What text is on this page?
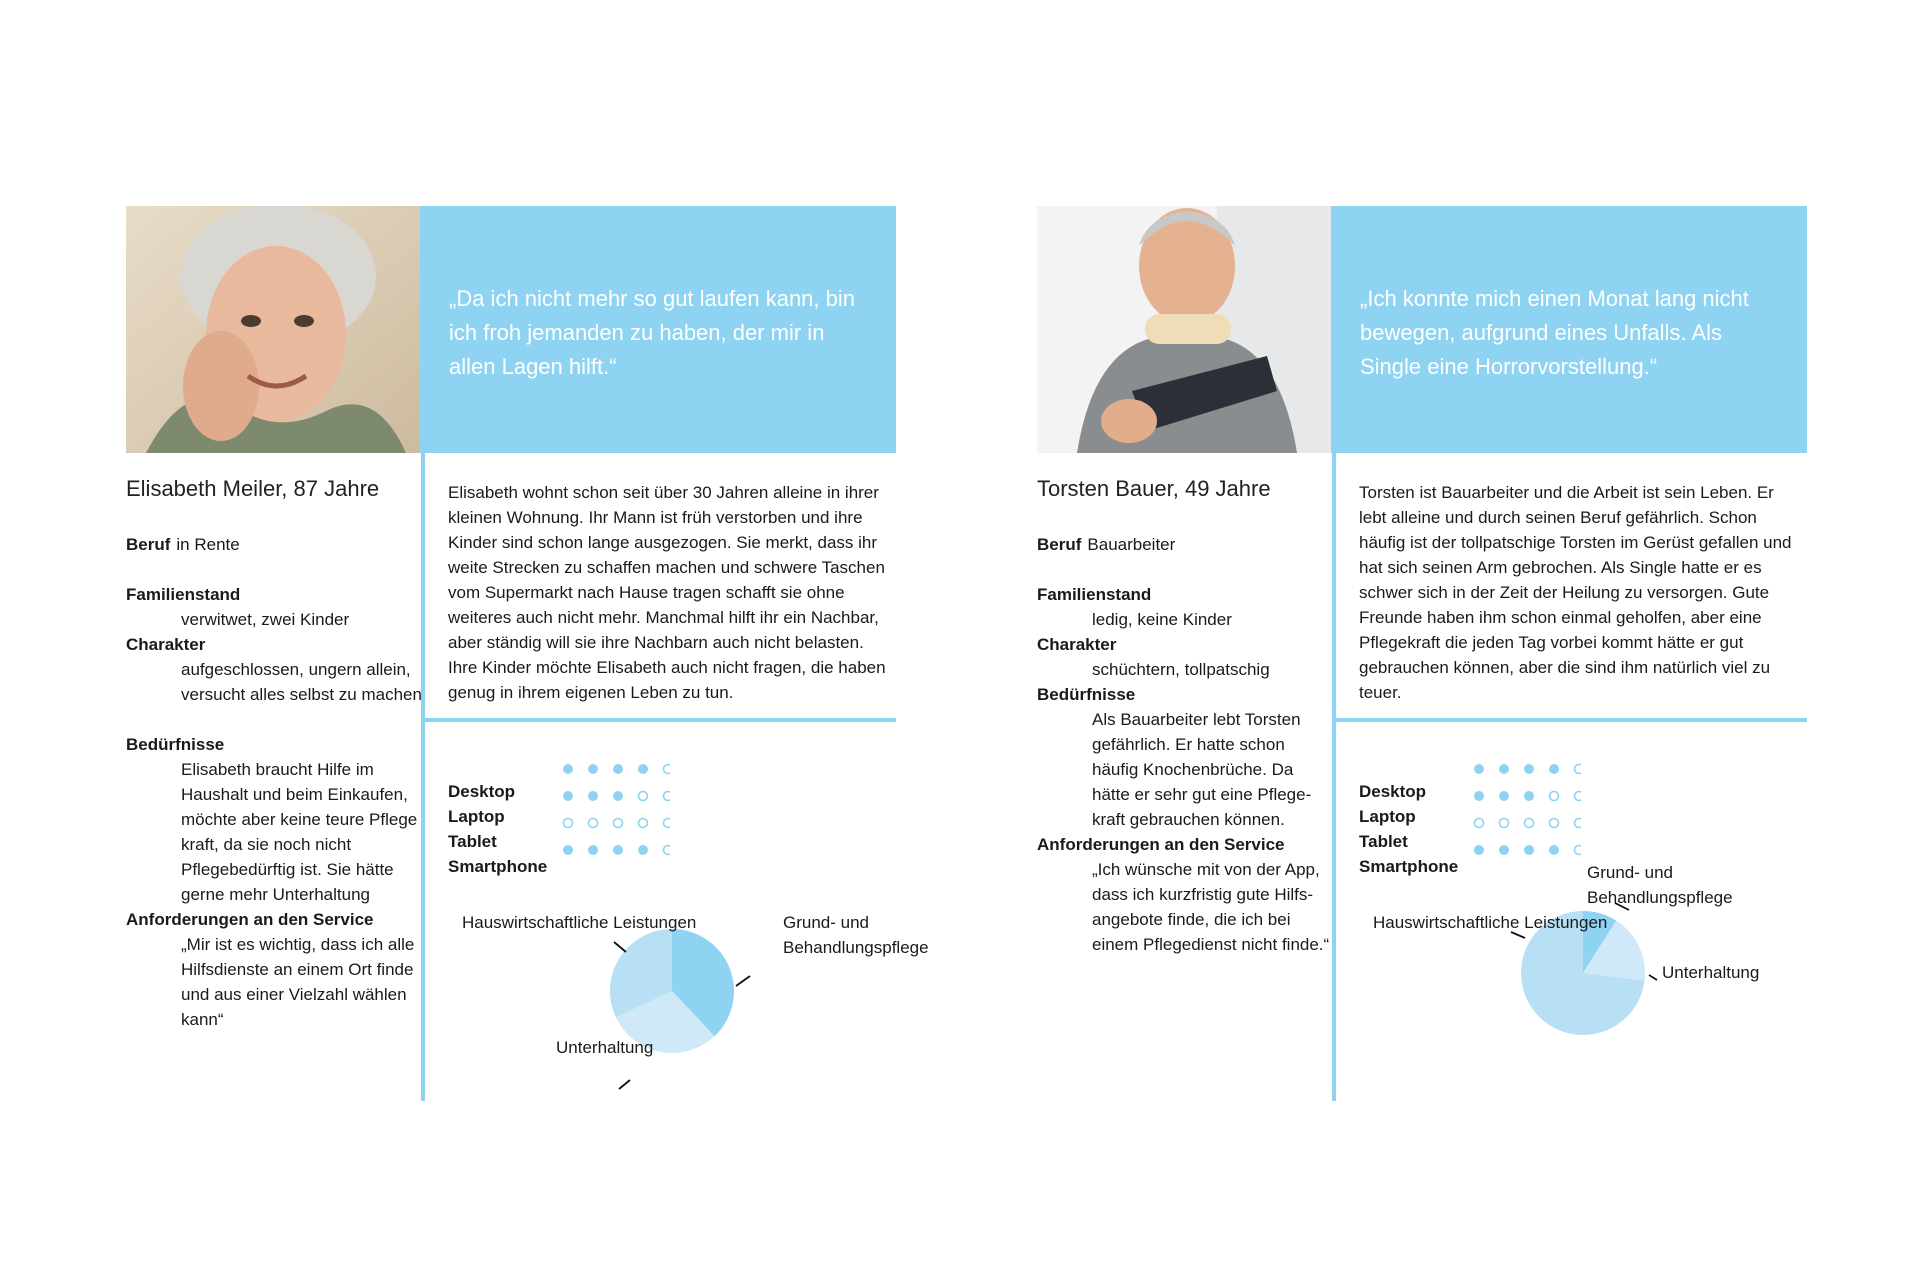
„Da ich nicht mehr so gut laufen kann, bin ich froh jemanden zu haben, der mir in allen Lagen hilft.“
Elisabeth Meiler, 87 Jahre
Beruf in Rente
Familienstand
verwitwet, zwei Kinder
Charakter
aufgeschlossen, ungern allein, versucht alles selbst zu machen
Bedürfnisse
Elisabeth braucht Hilfe im Haushalt und beim Einkaufen, möchte aber keine teure Pflege kraft, da sie noch nicht Pflegebedürftig ist. Sie hätte gerne mehr Unterhaltung
Anforderungen an den Service
„Mir ist es wichtig, dass ich alle Hilfsdienste an einem Ort finde und aus einer Vielzahl wählen kann“
Elisabeth wohnt schon seit über 30 Jahren alleine in ihrer kleinen Wohnung. Ihr Mann ist früh verstorben und ihre Kinder sind schon lange ausgezogen. Sie merkt, dass ihr weite Strecken zu schaffen machen und schwere Taschen vom Supermarkt nach Hause tragen schafft sie ohne weiteres auch nicht mehr. Manchmal hilft ihr ein Nachbar, aber ständig will sie ihre Nachbarn auch nicht belasten. Ihre Kinder möchte Elisabeth auch nicht fragen, die haben genug in ihrem eigenen Leben zu tun.
Desktop
Laptop
Tablet
Smartphone
Hauswirtschaftliche Leistungen	Grund- und Behandlungspflege
Unterhaltung
„Ich konnte mich einen Monat lang nicht bewegen, aufgrund eines Unfalls. Als Single eine Horrorvorstellung.“
Torsten Bauer, 49 Jahre
Beruf Bauarbeiter
Familienstand
ledig, keine Kinder
Charakter
schüchtern, tollpatschig
Bedürfnisse
Als Bauarbeiter lebt Torsten gefährlich. Er hatte schon häufig Knochenbrüche. Da hätte er sehr gut eine Pflege-kraft gebrauchen können.
Anforderungen an den Service
„Ich wünsche mit von der App, dass ich kurzfristig gute Hilfs-angebote finde, die ich bei einem Pflegedienst nicht finde.“
Torsten ist Bauarbeiter und die Arbeit ist sein Leben. Er lebt alleine und durch seinen Beruf gefährlich. Schon häufig ist der tollpatschige Torsten im Gerüst gefallen und hat sich seinen Arm gebrochen. Als Single hatte er es schwer sich in der Zeit der Heilung zu versorgen. Gute Freunde haben ihm schon einmal geholfen, aber eine Pflegekraft die jeden Tag vorbei kommt hätte er gut gebrauchen können, aber die sind ihm natürlich viel zu teuer.
Desktop
Laptop
Tablet
Smartphone
Hauswirtschaftliche Leistungen
Grund- und Behandlungspflege
Unterhaltung
